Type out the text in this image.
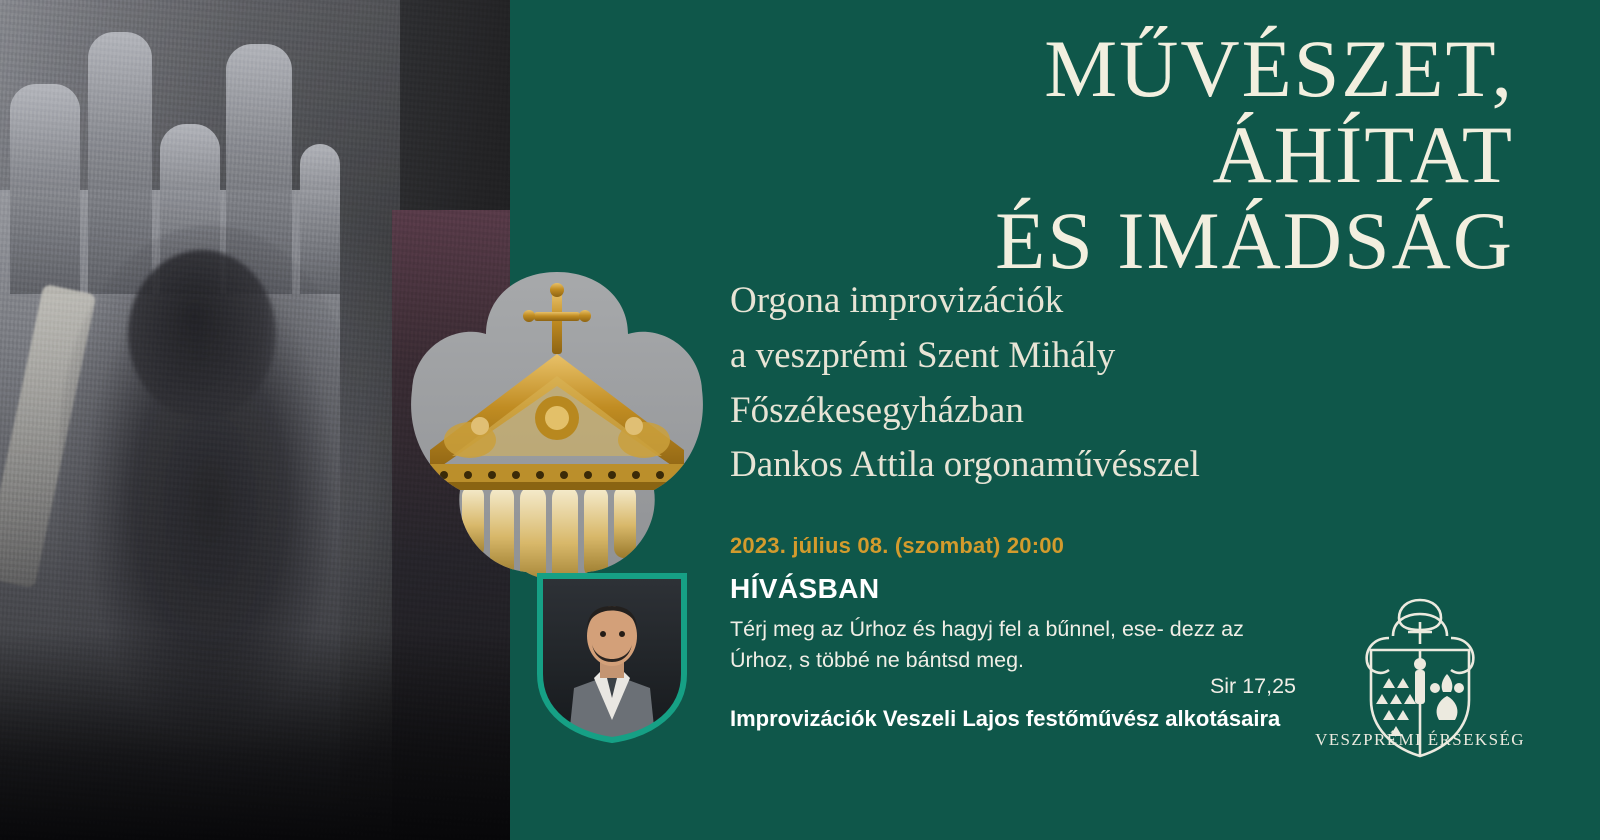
MŰVÉSZET, ÁHÍTAT
ÉS IMÁDSÁG
Orgona improvizációk
a veszprémi Szent Mihály
Főszékesegyházban
Dankos Attila orgonaművésszel
2023. július 08. (szombat) 20:00
HÍVÁSBAN
Térj meg az Úrhoz és hagyj fel a bűnnel, ese- dezz az Úrhoz, s többé ne bántsd meg.
Sir 17,25
Improvizációk Veszeli Lajos festőművész alkotásaira
VESZPRÉMI ÉRSEKSÉG
